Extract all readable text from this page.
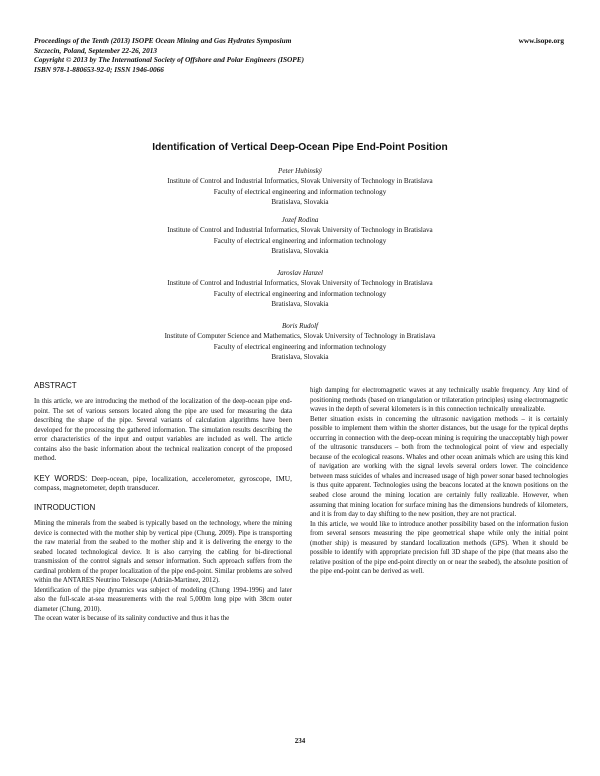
Proceedings of the Tenth (2013) ISOPE Ocean Mining and Gas Hydrates Symposium
Szczecin, Poland, September 22-26, 2013
Copyright © 2013 by The International Society of Offshore and Polar Engineers (ISOPE)
ISBN 978-1-880653-92-0; ISSN 1946-0066
www.isope.org
Identification of Vertical Deep-Ocean Pipe End-Point Position
Peter Hubinský
Institute of Control and Industrial Informatics, Slovak University of Technology in Bratislava
Faculty of electrical engineering and information technology
Bratislava, Slovakia
Jozef Rodina
Institute of Control and Industrial Informatics, Slovak University of Technology in Bratislava
Faculty of electrical engineering and information technology
Bratislava, Slovakia
Jaroslav Hanzel
Institute of Control and Industrial Informatics, Slovak University of Technology in Bratislava
Faculty of electrical engineering and information technology
Bratislava, Slovakia
Boris Rudolf
Institute of Computer Science and Mathematics, Slovak University of Technology in Bratislava
Faculty of electrical engineering and information technology
Bratislava, Slovakia
ABSTRACT

In this article, we are introducing the method of the localization of the deep-ocean pipe end-point. The set of various sensors located along the pipe are used for measuring the data describing the shape of the pipe. Several variants of calculation algorithms have been developed for the processing the gathered information. The simulation results describing the error characteristics of the input and output variables are included as well. The article contains also the basic information about the technical realization concept of the proposed method.

KEY WORDS: Deep-ocean, pipe, localization, accelerometer, gyroscope, IMU, compass, magnetometer, depth transducer.
INTRODUCTION

Mining the minerals from the seabed is typically based on the technology, where the mining device is connected with the mother ship by vertical pipe (Chung, 2009). Pipe is transporting the raw material from the seabed to the mother ship and it is delivering the energy to the seabed located technological device. It is also carrying the cabling for bi-directional transmission of the control signals and sensor information. Such approach suffers from the cardinal problem of the proper localization of the pipe end-point. Similar problems are solved within the ANTARES Neutrino Telescope (Adrián-Martinez, 2012).

Identification of the pipe dynamics was subject of modeling (Chung 1994-1996) and later also the full-scale at-sea measurements with the real 5,000m long pipe with 38cm outer diameter (Chung, 2010).

The ocean water is because of its salinity conductive and thus it has the

high damping for electromagnetic waves at any technically usable frequency. Any kind of positioning methods (based on triangulation or trilateration principles) using electromagnetic waves in the depth of several kilometers is in this connection technically unrealizable.

Better situation exists in concerning the ultrasonic navigation methods – it is certainly possible to implement them within the shorter distances, but the usage for the typical depths occurring in connection with the deep-ocean mining is requiring the unacceptably high power of the ultrasonic transducers – both from the technological point of view and especially because of the ecological reasons. Whales and other ocean animals which are using this kind of navigation are working with the signal levels several orders lower. The coincidence between mass suicides of whales and increased usage of high power sonar based technologies is thus quite apparent. Technologies using the beacons located at the known positions on the seabed close around the mining location are certainly fully realizable. However, when assuming that mining location for surface mining has the dimensions hundreds of kilometers, and it is from day to day shifting to the new position, they are not practical.

In this article, we would like to introduce another possibility based on the information fusion from several sensors measuring the pipe geometrical shape while only the initial point (mother ship) is measured by standard localization methods (GPS). When it should be possible to identify with appropriate precision full 3D shape of the pipe (that means also the relative position of the pipe end-point directly on or near the seabed), the absolute position of the pipe end-point can be derived as well.

234
